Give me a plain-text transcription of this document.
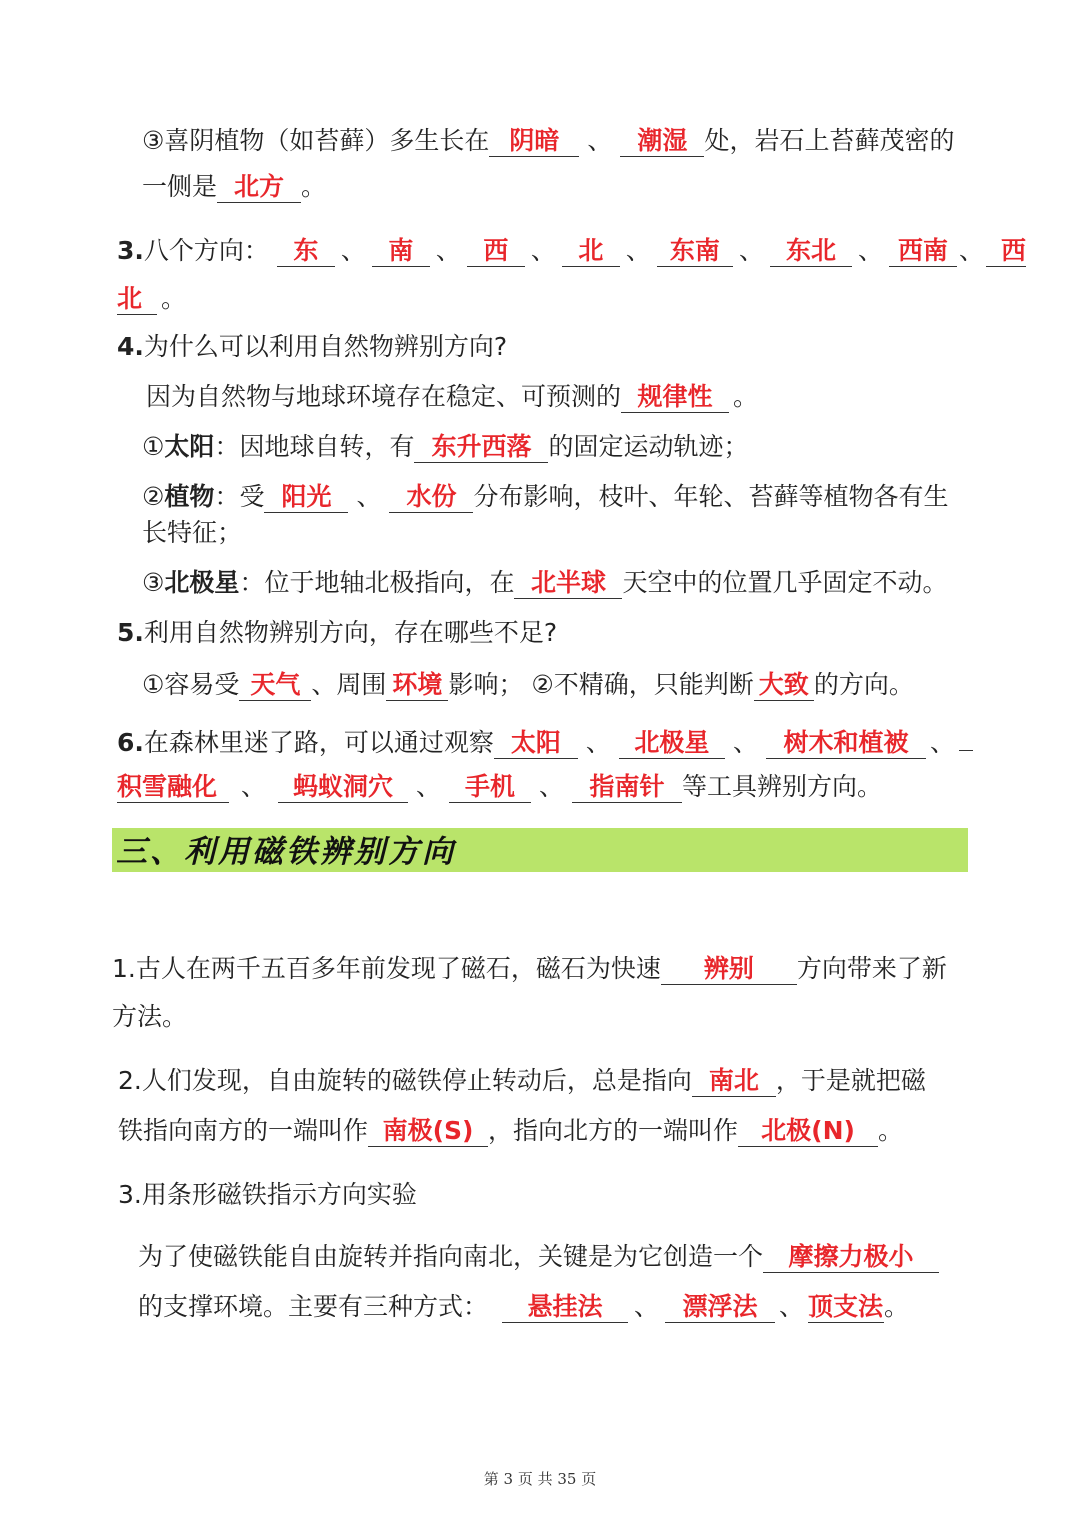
③喜阴植物（如苔藓）多生长在 阴暗 、 潮湿 处，岩石上苔藓茂密的
一侧是 北方 。
3.八个方向： 东 、 南 、 西 、 北 、 东南 、 东北 、 西南 、 西
北 。
4.为什么可以利用自然物辨别方向?
因为自然物与地球环境存在稳定、可预测的 规律性 。
①太阳：因地球自转，有 东升西落 的固定运动轨迹；
②植物：受 阳光 、 水份 分布影响，枝叶、年轮、苔藓等植物各有生
长特征；
③北极星：位于地轴北极指向，在 北半球 天空中的位置几乎固定不动。
5.利用自然物辨别方向，存在哪些不足?
①容易受 天气 、周围 环境 影响； ②不精确，只能判断 大致 的方向。
6.在森林里迷了路，可以通过观察 太阳 、 北极星 、 树木和植被 、
积雪融化 、 蚂蚁洞穴 、 手机 、 指南针 等工具辨别方向。
三、利用磁铁辨别方向
1.古人在两千五百多年前发现了磁石，磁石为快速 辨别 方向带来了新
方法。
2.人们发现，自由旋转的磁铁停止转动后，总是指向 南北 ，于是就把磁
铁指向南方的一端叫作 南极(S) ，指向北方的一端叫作 北极(N) 。
3.用条形磁铁指示方向实验
为了使磁铁能自由旋转并指向南北，关键是为它创造一个 摩擦力极小
的支撑环境。主要有三种方式： 悬挂法 、 漂浮法 、 顶支法。
第 3 页 共 35 页
